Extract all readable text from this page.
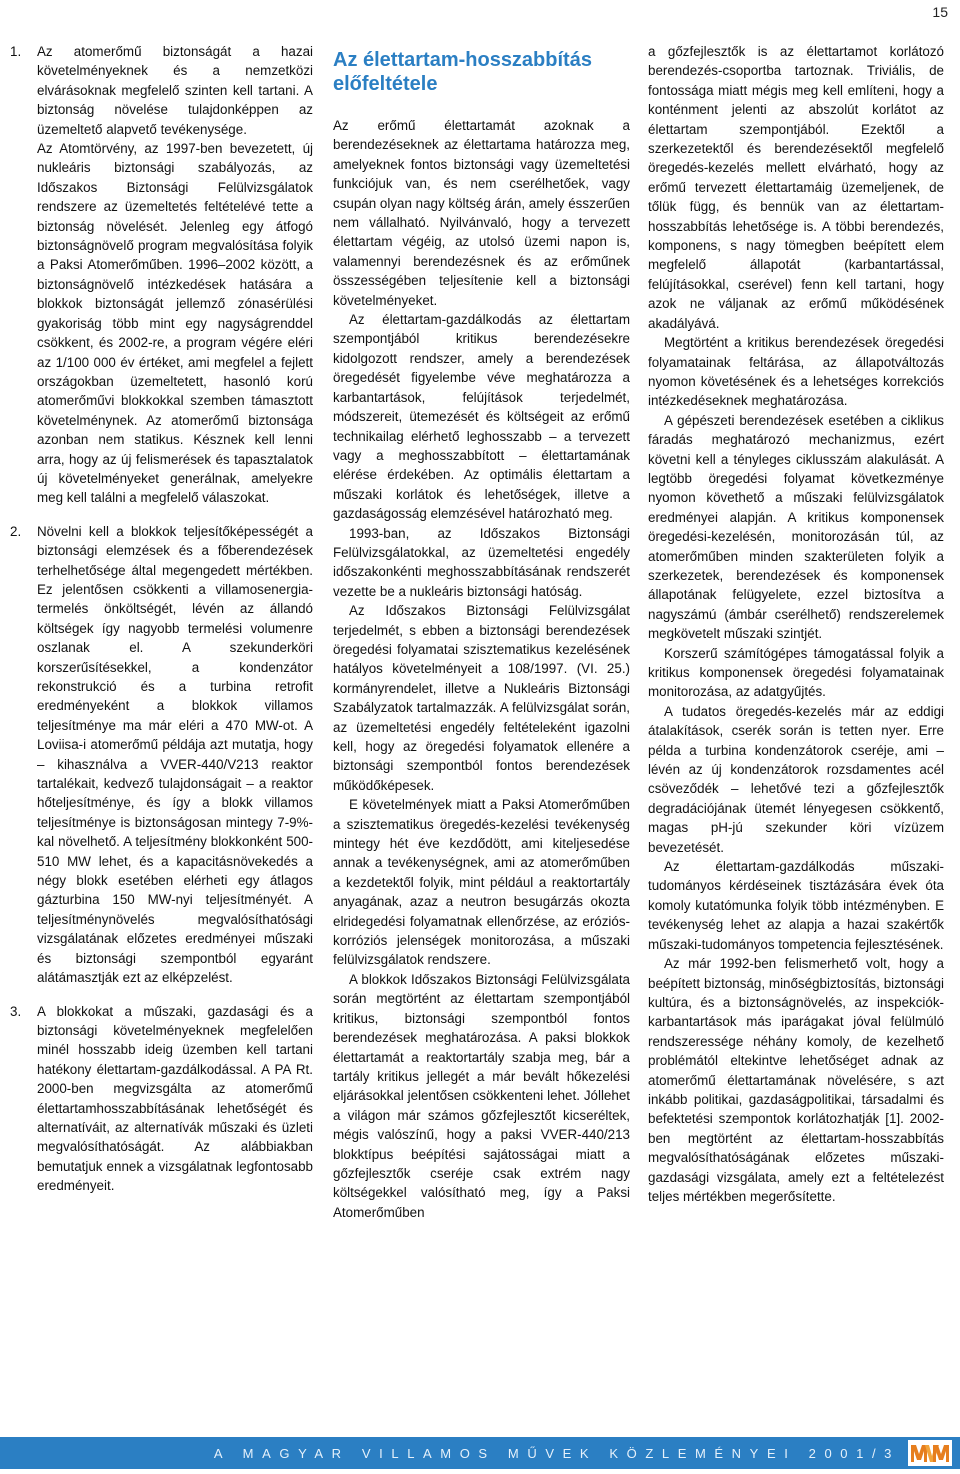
15
1.	Az atomerőmű biztonságát a hazai követelményeknek és a nemzetközi elvárásoknak megfelelő szinten kell tartani. A biztonság növelése tulajdonképpen az üzemeltető alapvető tevékenysége.

Az Atomtörvény, az 1997-ben bevezetett, új nukleáris biztonsági szabályozás, az Időszakos Biztonsági Felülvizsgálatok rendszere az üzemeltetés feltételévé tette a biztonság növelését. Jelenleg egy átfogó biztonságnövelő program megvalósítása folyik a Paksi Atomerőműben. 1996–2002 között, a biztonságnövelő intézkedések hatására a blokkok biztonságát jellemző zónasérülési gyakoriság több mint egy nagyságrenddel csökkent, és 2002-re, a program végére eléri az 1/100 000 év értéket, ami megfelel a fejlett országokban üzemeltetett, hasonló korú atomerőművi blokkokkal szemben támasztott követelménynek. Az atomerőmű biztonsága azonban nem statikus. Késznek kell lenni arra, hogy az új felismerések és tapasztalatok új követelményeket generálnak, amelyekre meg kell találni a megfelelő válaszokat.

2.	Növelni kell a blokkok teljesítőképességét a biztonsági elemzések és a főberendezések terhelhetősége által megengedett mértékben. Ez jelentősen csökkenti a villamosenergia-termelés önköltségét, lévén az állandó költségek így nagyobb termelési volumenre oszlanak el. A szekunderköri korszerűsítésekkel, a kondenzátor rekonstrukció és a turbina retrofit eredményeként a blokkok villamos teljesítménye ma már eléri a 470 MW-ot. A Loviisa-i atomerőmű példája azt mutatja, hogy – kihasználva a VVER-440/V213 reaktor tartalékait, kedvező tulajdonságait – a reaktor hőteljesítménye, és így a blokk villamos teljesítménye is biztonságosan mintegy 7-9%-kal növelhető. A teljesítmény blokkonként 500-510 MW lehet, és a kapacitásnövekedés a négy blokk esetében elérheti egy átlagos gázturbina 150 MW-nyi teljesítményét. A teljesítménynövelés megvalósíthatósági vizsgálatának előzetes eredményei műszaki és biztonsági szempontból egyaránt alátámasztják ezt az elképzelést.

3.	A blokkokat a műszaki, gazdasági és a biztonsági követelményeknek megfelelően minél hosszabb ideig üzemben kell tartani hatékony élettartam-gazdálkodással. A PA Rt. 2000-ben megvizsgálta az atomerőmű élettartamhosszabbításának lehetőségét és alternatíváit, az alternatívák műszaki és üzleti megvalósíthatóságát. Az alábbiakban bemutatjuk ennek a vizsgálatnak legfontosabb eredményeit.

Az élettartam-hosszabbítás előfeltétele

Az erőmű élettartamát azoknak a berendezéseknek az élettartama határozza meg, amelyeknek fontos biztonsági vagy üzemeltetési funkciójuk van, és nem cserélhetőek, vagy csupán olyan nagy költség árán, amely ésszerűen nem vállalható. Nyilvánvaló, hogy a tervezett élettartam végéig, az utolsó üzemi napon is, valamennyi berendezésnek és az erőműnek összességében teljesítenie kell a biztonsági követelményeket.

Az élettartam-gazdálkodás az élettartam szempontjából kritikus berendezésekre kidolgozott rendszer, amely a berendezések öregedését figyelembe véve meghatározza a karbantartások, felújítások terjedelmét, módszereit, ütemezését és költségeit az erőmű technikailag elérhető leghosszabb – a tervezett vagy a meghosszabbított – élettartamának elérése érdekében. Az optimális élettartam a műszaki korlátok és lehetőségek, illetve a gazdaságosság elemzésével határozható meg.

1993-ban, az Időszakos Biztonsági Felülvizsgálatokkal, az üzemeltetési engedély időszakonkénti meghosszabbításának rendszerét vezette be a nukleáris biztonsági hatóság.

Az Időszakos Biztonsági Felülvizsgálat terjedelmét, s ebben a biztonsági berendezések öregedési folyamatai szisztematikus kezelésének hatályos követelményeit a 108/1997. (VI. 25.) kormányrendelet, illetve a Nukleáris Biztonsági Szabályzatok tartalmazzák. A felülvizsgálat során, az üzemeltetési engedély feltételeként igazolni kell, hogy az öregedési folyamatok ellenére a biztonsági szempontból fontos berendezések működőképesek.

E követelmények miatt a Paksi Atomerőműben a szisztematikus öregedés-kezelési tevékenység mintegy hét éve kezdődött, ami kiteljesedése annak a tevékenységnek, ami az atomerőműben a kezdetektől folyik, mint például a reaktortartály anyagának, azaz a neutron besugárzás okozta elridegedési folyamatnak ellenőrzése, az eróziós-korróziós jelenségek monitorozása, a műszaki felülvizsgálatok rendszere.

A blokkok Időszakos Biztonsági Felülvizsgálata során megtörtént az élettartam szempontjából kritikus, biztonsági szempontból fontos berendezések meghatározása. A paksi blokkok élettartamát a reaktortartály szabja meg, bár a tartály kritikus jellegét a már bevált hőkezelési eljárásokkal jelentősen csökkenteni lehet. Jóllehet a világon már számos gőzfejlesztőt kicseréltek, mégis valószínű, hogy a paksi VVER-440/213 blokktípus beépítési sajátosságai miatt a gőzfejlesztők cseréje csak extrém nagy költségekkel valósítható meg, így a Paksi Atomerőműben

a gőzfejlesztők is az élettartamot korlátozó berendezés-csoportba tartoznak. Triviális, de fontossága miatt mégis meg kell említeni, hogy a konténment jelenti az abszolút korlátot az élettartam szempontjából. Ezektől a szerkezetektől és berendezésektől megfelelő öregedés-kezelés mellett elvárható, hogy az erőmű tervezett élettartamáig üzemeljenek, de tőlük függ, és bennük van az élettartam-hosszabbítás lehetősége is. A többi berendezés, komponens, s nagy tömegben beépített elem megfelelő állapotát (karbantartással, felújításokkal, cserével) fenn kell tartani, hogy azok ne váljanak az erőmű működésének akadályává.

Megtörtént a kritikus berendezések öregedési folyamatainak feltárása, az állapotváltozás nyomon követésének és a lehetséges korrekciós intézkedéseknek meghatározása.

A gépészeti berendezések esetében a ciklikus fáradás meghatározó mechanizmus, ezért követni kell a tényleges ciklusszám alakulását. A legtöbb öregedési folyamat következménye nyomon követhető a műszaki felülvizsgálatok eredményei alapján. A kritikus komponensek öregedési-kezelésén, monitorozásán túl, az atomerőműben minden szakterületen folyik a szerkezetek, berendezések és komponensek állapotának felügyelete, ezzel biztosítva a nagyszámú (ámbár cserélhető) rendszerelemek megkövetelt műszaki szintjét.

Korszerű számítógépes támogatással folyik a kritikus komponensek öregedési folyamatainak monitorozása, az adatgyűjtés.

A tudatos öregedés-kezelés már az eddigi átalakítások, cserék során is tetten nyer. Erre példa a turbina kondenzátorok cseréje, ami – lévén az új kondenzátorok rozsdamentes acél csöveződék – lehetővé tezi a gőzfejlesztők degradációjának ütemét lényegesen csökkentő, magas pH-jú szekunder köri vízüzem bevezetését.

Az élettartam-gazdálkodás műszaki-tudományos kérdéseinek tisztázására évek óta komoly kutatómunka folyik több intézményben. E tevékenység lehet az alapja a hazai szakértők műszaki-tudományos tompetencia fejlesztésének.

Az már 1992-ben felismerhető volt, hogy a beépített biztonság, minőségbiztosítás, biztonsági kultúra, és a biztonságnövelés, az inspekciók-karbantartások más iparágakat jóval felülmúló rendszeressége néhány komoly, de kezelhető problémától eltekintve lehetőséget adnak az atomerőmű élettartamának növelésére, s azt inkább politikai, gazdaságpolitikai, társadalmi és befektetési szempontok korlátozhatják [1]. 2002-ben megtörtént az élettartam-hosszabbítás megvalósíthatóságának előzetes műszaki-gazdasági vizsgálata, amely ezt a feltételezést teljes mértékben megerősítette.

A MAGYAR VILLAMOS MŰVEK KÖZLEMÉNYEI 2001/3
